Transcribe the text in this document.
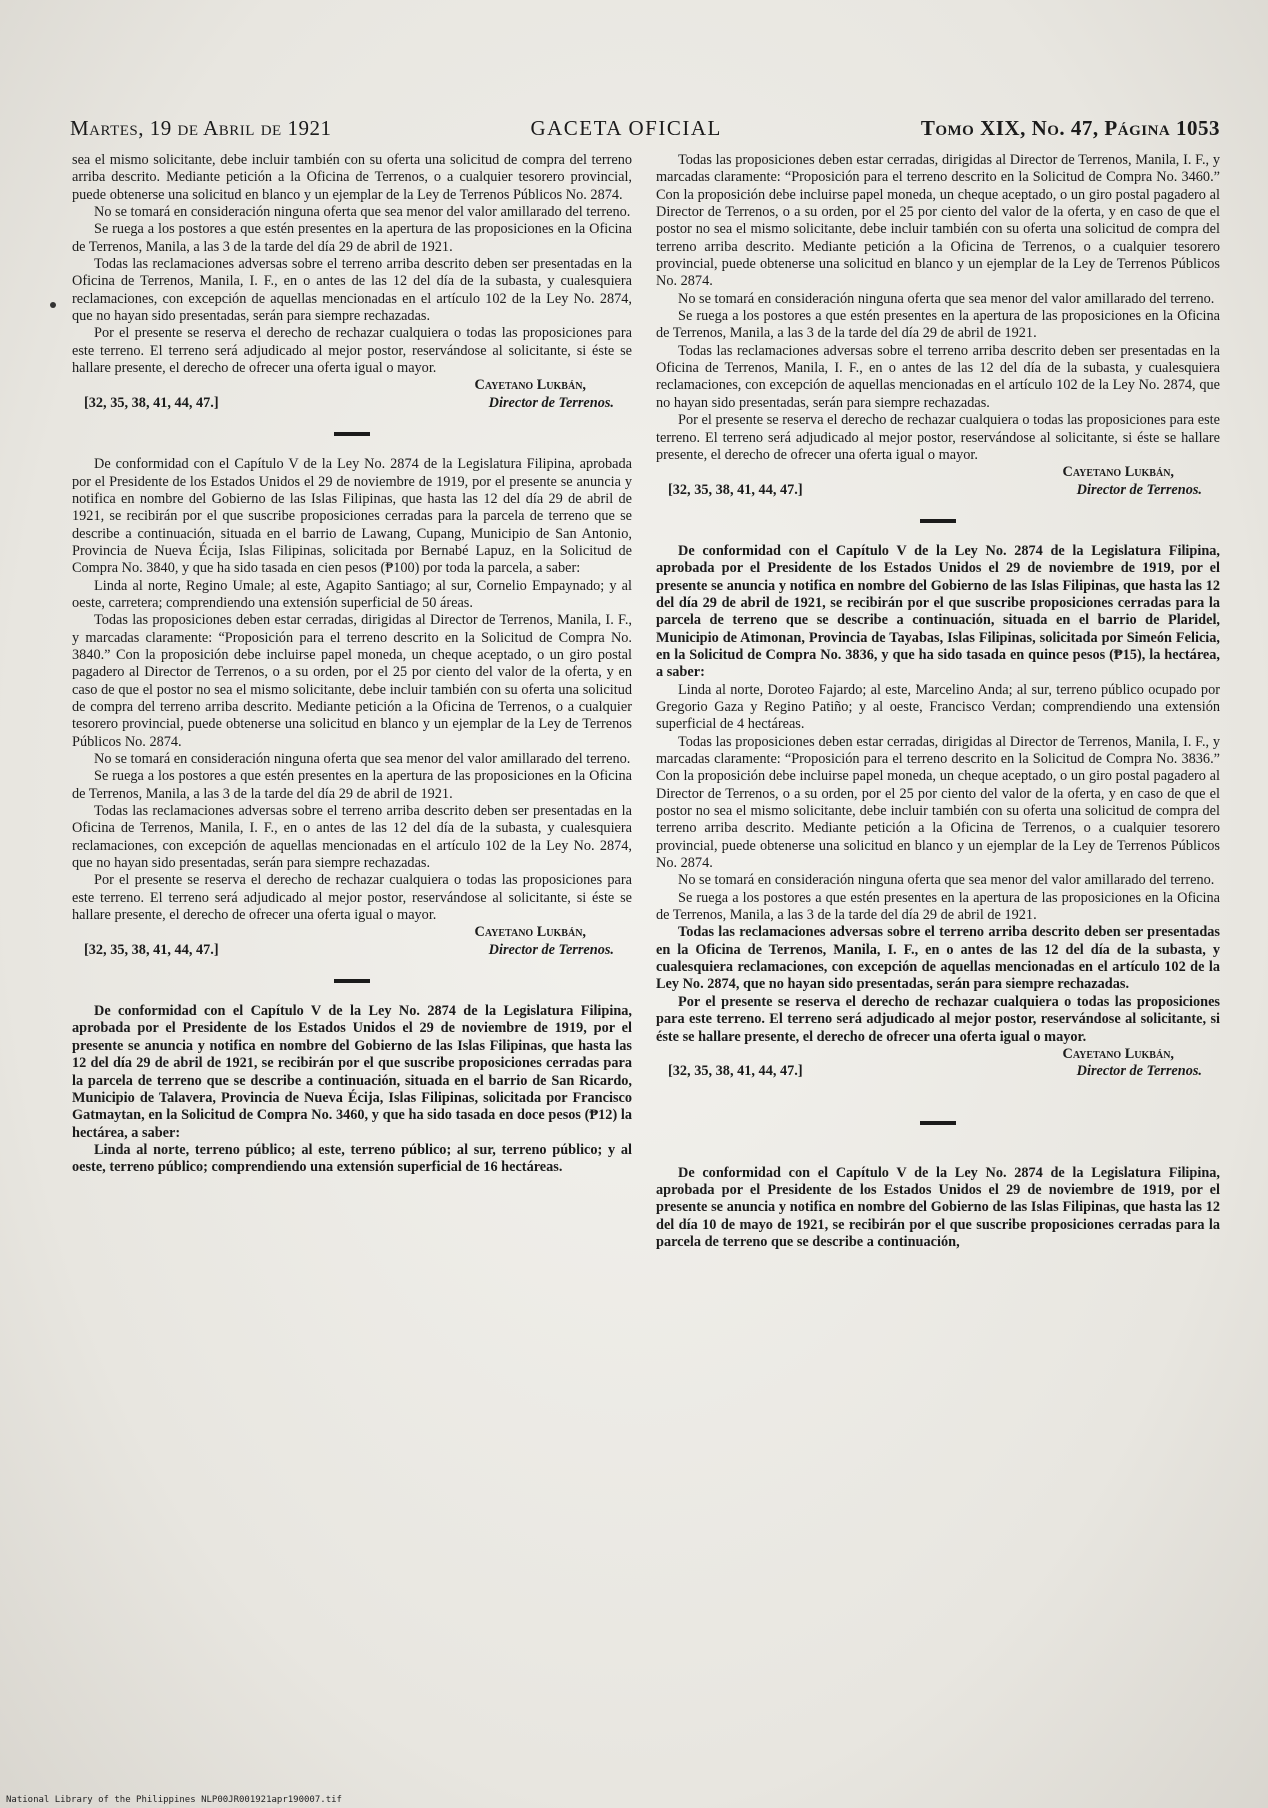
Martes, 19 de Abril de 1921	GACETA OFICIAL	Tomo XIX, No. 47, Página 1053

sea el mismo solicitante, debe incluir también con su oferta una solicitud de compra del terreno arriba descrito. Mediante petición a la Oficina de Terrenos, o a cualquier tesorero provincial, puede obtenerse una solicitud en blanco y un ejemplar de la Ley de Terrenos Públicos No. 2874.

No se tomará en consideración ninguna oferta que sea menor del valor amillarado del terreno.

Se ruega a los postores a que estén presentes en la apertura de las proposiciones en la Oficina de Terrenos, Manila, a las 3 de la tarde del día 29 de abril de 1921.

Todas las reclamaciones adversas sobre el terreno arriba descrito deben ser presentadas en la Oficina de Terrenos, Manila, I. F., en o antes de las 12 del día de la subasta, y cualesquiera reclamaciones, con excepción de aquellas mencionadas en el artículo 102 de la Ley No. 2874, que no hayan sido presentadas, serán para siempre rechazadas.

Por el presente se reserva el derecho de rechazar cualquiera o todas las proposiciones para este terreno. El terreno será adjudicado al mejor postor, reservándose al solicitante, si éste se hallare presente, el derecho de ofrecer una oferta igual o mayor.

[32, 35, 38, 41, 44, 47.]
Cayetano Lukbán,
Director de Terrenos.

De conformidad con el Capítulo V de la Ley No. 2874 de la Legislatura Filipina, aprobada por el Presidente de los Estados Unidos el 29 de noviembre de 1919, por el presente se anuncia y notifica en nombre del Gobierno de las Islas Filipinas, que hasta las 12 del día 29 de abril de 1921, se recibirán por el que suscribe proposiciones cerradas para la parcela de terreno que se describe a continuación, situada en el barrio de Lawang, Cupang, Municipio de San Antonio, Provincia de Nueva Écija, Islas Filipinas, solicitada por Bernabé Lapuz, en la Solicitud de Compra No. 3840, y que ha sido tasada en cien pesos (₱100) por toda la parcela, a saber:

Linda al norte, Regino Umale; al este, Agapito Santiago; al sur, Cornelio Empaynado; y al oeste, carretera; comprendiendo una extensión superficial de 50 áreas.

Todas las proposiciones deben estar cerradas, dirigidas al Director de Terrenos, Manila, I. F., y marcadas claramente: “Proposición para el terreno descrito en la Solicitud de Compra No. 3840.” Con la proposición debe incluirse papel moneda, un cheque aceptado, o un giro postal pagadero al Director de Terrenos, o a su orden, por el 25 por ciento del valor de la oferta, y en caso de que el postor no sea el mismo solicitante, debe incluir también con su oferta una solicitud de compra del terreno arriba descrito. Mediante petición a la Oficina de Terrenos, o a cualquier tesorero provincial, puede obtenerse una solicitud en blanco y un ejemplar de la Ley de Terrenos Públicos No. 2874.

No se tomará en consideración ninguna oferta que sea menor del valor amillarado del terreno.

Se ruega a los postores a que estén presentes en la apertura de las proposiciones en la Oficina de Terrenos, Manila, a las 3 de la tarde del día 29 de abril de 1921.

Todas las reclamaciones adversas sobre el terreno arriba descrito deben ser presentadas en la Oficina de Terrenos, Manila, I. F., en o antes de las 12 del día de la subasta, y cualesquiera reclamaciones, con excepción de aquellas mencionadas en el artículo 102 de la Ley No. 2874, que no hayan sido presentadas, serán para siempre rechazadas.

Por el presente se reserva el derecho de rechazar cualquiera o todas las proposiciones para este terreno. El terreno será adjudicado al mejor postor, reservándose al solicitante, si éste se hallare presente, el derecho de ofrecer una oferta igual o mayor.

[32, 35, 38, 41, 44, 47.]
Cayetano Lukbán,
Director de Terrenos.

De conformidad con el Capítulo V de la Ley No. 2874 de la Legislatura Filipina, aprobada por el Presidente de los Estados Unidos el 29 de noviembre de 1919, por el presente se anuncia y notifica en nombre del Gobierno de las Islas Filipinas, que hasta las 12 del día 29 de abril de 1921, se recibirán por el que suscribe proposiciones cerradas para la parcela de terreno que se describe a continuación, situada en el barrio de San Ricardo, Municipio de Talavera, Provincia de Nueva Écija, Islas Filipinas, solicitada por Francisco Gatmaytan, en la Solicitud de Compra No. 3460, y que ha sido tasada en doce pesos (₱12) la hectárea, a saber:

Linda al norte, terreno público; al este, terreno público; al sur, terreno público; y al oeste, terreno público; comprendiendo una extensión superficial de 16 hectáreas.

Todas las proposiciones deben estar cerradas, dirigidas al Director de Terrenos, Manila, I. F., y marcadas claramente: “Proposición para el terreno descrito en la Solicitud de Compra No. 3460.” Con la proposición debe incluirse papel moneda, un cheque aceptado, o un giro postal pagadero al Director de Terrenos, o a su orden, por el 25 por ciento del valor de la oferta, y en caso de que el postor no sea el mismo solicitante, debe incluir también con su oferta una solicitud de compra del terreno arriba descrito. Mediante petición a la Oficina de Terrenos, o a cualquier tesorero provincial, puede obtenerse una solicitud en blanco y un ejemplar de la Ley de Terrenos Públicos No. 2874.

No se tomará en consideración ninguna oferta que sea menor del valor amillarado del terreno.

Se ruega a los postores a que estén presentes en la apertura de las proposiciones en la Oficina de Terrenos, Manila, a las 3 de la tarde del día 29 de abril de 1921.

Todas las reclamaciones adversas sobre el terreno arriba descrito deben ser presentadas en la Oficina de Terrenos, Manila, I. F., en o antes de las 12 del día de la subasta, y cualesquiera reclamaciones, con excepción de aquellas mencionadas en el artículo 102 de la Ley No. 2874, que no hayan sido presentadas, serán para siempre rechazadas.

Por el presente se reserva el derecho de rechazar cualquiera o todas las proposiciones para este terreno. El terreno será adjudicado al mejor postor, reservándose al solicitante, si éste se hallare presente, el derecho de ofrecer una oferta igual o mayor.

[32, 35, 38, 41, 44, 47.]
Cayetano Lukbán,
Director de Terrenos.

De conformidad con el Capítulo V de la Ley No. 2874 de la Legislatura Filipina, aprobada por el Presidente de los Estados Unidos el 29 de noviembre de 1919, por el presente se anuncia y notifica en nombre del Gobierno de las Islas Filipinas, que hasta las 12 del día 29 de abril de 1921, se recibirán por el que suscribe proposiciones cerradas para la parcela de terreno que se describe a continuación, situada en el barrio de Plaridel, Municipio de Atimonan, Provincia de Tayabas, Islas Filipinas, solicitada por Simeón Felicia, en la Solicitud de Compra No. 3836, y que ha sido tasada en quince pesos (₱15), la hectárea, a saber:

Linda al norte, Doroteo Fajardo; al este, Marcelino Anda; al sur, terreno público ocupado por Gregorio Gaza y Regino Patiño; y al oeste, Francisco Verdan; comprendiendo una extensión superficial de 4 hectáreas.

Todas las proposiciones deben estar cerradas, dirigidas al Director de Terrenos, Manila, I. F., y marcadas claramente: “Proposición para el terreno descrito en la Solicitud de Compra No. 3836.” Con la proposición debe incluirse papel moneda, un cheque aceptado, o un giro postal pagadero al Director de Terrenos, o a su orden, por el 25 por ciento del valor de la oferta, y en caso de que el postor no sea el mismo solicitante, debe incluir también con su oferta una solicitud de compra del terreno arriba descrito. Mediante petición a la Oficina de Terrenos, o a cualquier tesorero provincial, puede obtenerse una solicitud en blanco y un ejemplar de la Ley de Terrenos Públicos No. 2874.

No se tomará en consideración ninguna oferta que sea menor del valor amillarado del terreno.

Se ruega a los postores a que estén presentes en la apertura de las proposiciones en la Oficina de Terrenos, Manila, a las 3 de la tarde del día 29 de abril de 1921.

Todas las reclamaciones adversas sobre el terreno arriba descrito deben ser presentadas en la Oficina de Terrenos, Manila, I. F., en o antes de las 12 del día de la subasta, y cualesquiera reclamaciones, con excepción de aquellas mencionadas en el artículo 102 de la Ley No. 2874, que no hayan sido presentadas, serán para siempre rechazadas.

Por el presente se reserva el derecho de rechazar cualquiera o todas las proposiciones para este terreno. El terreno será adjudicado al mejor postor, reservándose al solicitante, si éste se hallare presente, el derecho de ofrecer una oferta igual o mayor.

[32, 35, 38, 41, 44, 47.]
Cayetano Lukbán,
Director de Terrenos.

De conformidad con el Capítulo V de la Ley No. 2874 de la Legislatura Filipina, aprobada por el Presidente de los Estados Unidos el 29 de noviembre de 1919, por el presente se anuncia y notifica en nombre del Gobierno de las Islas Filipinas, que hasta las 12 del día 10 de mayo de 1921, se recibirán por el que suscribe proposiciones cerradas para la parcela de terreno que se describe a continuación,

National Library of the Philippines NLP00JR001921apr190007.tif
